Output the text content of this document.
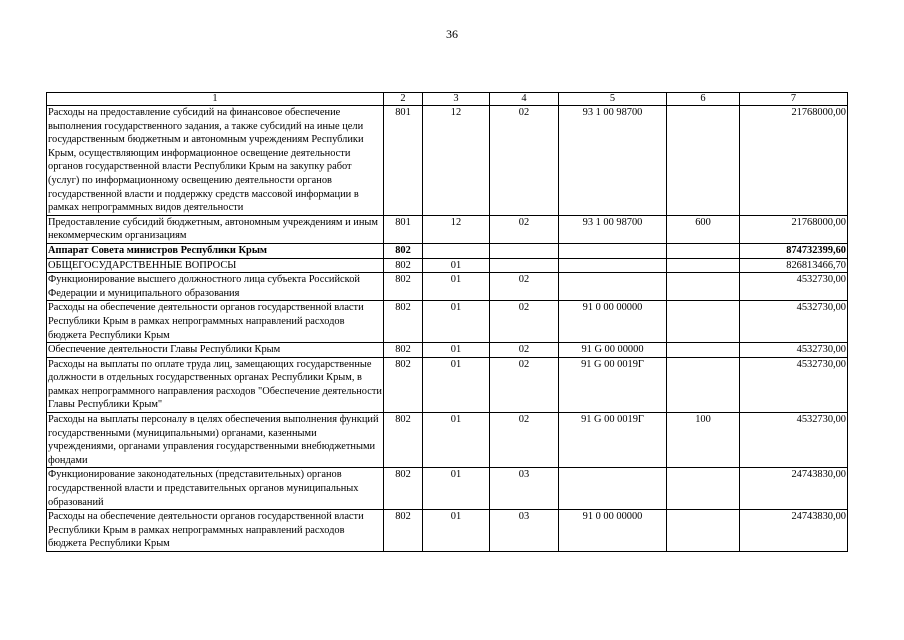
36
1	2	3	4	5	6	7
Расходы на предоставление субсидий на финансовое обеспечение выполнения государственного задания, а также субсидий на иные цели государственным бюджетным и автономным учреждениям Республики Крым, осуществляющим информационное освещение деятельности органов государственной власти Республики Крым на закупку работ (услуг) по информационному освещению деятельности органов государственной власти и поддержку средств массовой информации в рамках непрограммных видов деятельности	801	12	02	93 1 00 98700		21768000,00
Предоставление субсидий бюджетным, автономным учреждениям и иным некоммерческим организациям	801	12	02	93 1 00 98700	600	21768000,00
Аппарат Совета министров Республики Крым	802					874732399,60
ОБЩЕГОСУДАРСТВЕННЫЕ ВОПРОСЫ	802	01				826813466,70
Функционирование высшего должностного лица субъекта Российской Федерации и муниципального образования	802	01	02			4532730,00
Расходы на обеспечение деятельности органов государственной власти Республики Крым в рамках непрограммных направлений расходов бюджета Республики Крым	802	01	02	91 0 00 00000		4532730,00
Обеспечение деятельности Главы Республики Крым	802	01	02	91 G 00 00000		4532730,00
Расходы на выплаты по оплате труда лиц, замещающих государственные должности в отдельных государственных органах Республики Крым, в рамках непрограммного направления расходов "Обеспечение деятельности Главы Республики Крым"	802	01	02	91 G 00 0019Г		4532730,00
Расходы на выплаты персоналу в целях обеспечения выполнения функций государственными (муниципальными) органами, казенными учреждениями, органами управления государственными внебюджетными фондами	802	01	02	91 G 00 0019Г	100	4532730,00
Функционирование законодательных (представительных) органов государственной власти и представительных органов муниципальных образований	802	01	03			24743830,00
Расходы на обеспечение деятельности органов государственной власти Республики Крым в рамках непрограммных направлений расходов бюджета Республики Крым	802	01	03	91 0 00 00000		24743830,00
